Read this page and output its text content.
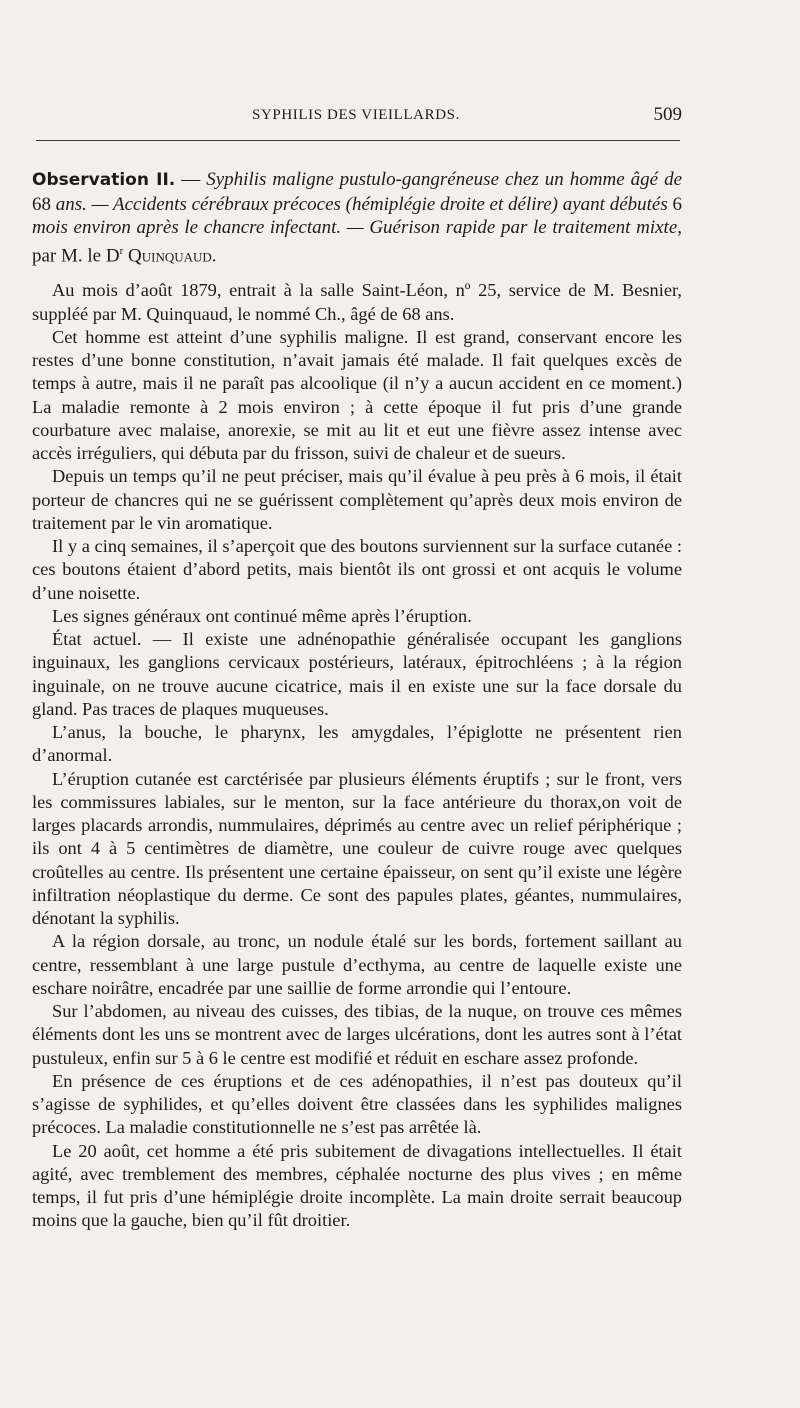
SYPHILIS DES VIEILLARDS.	509

Observation II. — Syphilis maligne pustulo-gangréneuse chez un homme âgé de 68 ans. — Accidents cérébraux précoces (hémiplégie droite et délire) ayant débutés 6 mois environ après le chancre infectant. — Guérison rapide par le traitement mixte, par M. le $D^r$ Quinquaud.

Au mois d’août 1879, entrait à la salle Saint-Léon, nº 25, service de M. Besnier, suppléé par M. Quinquaud, le nommé Ch., âgé de 68 ans.

Cet homme est atteint d’une syphilis maligne. Il est grand, conservant encore les restes d’une bonne constitution, n’avait jamais été malade. Il fait quelques excès de temps à autre, mais il ne paraît pas alcoolique (il n’y a aucun accident en ce moment.) La maladie remonte à 2 mois environ ; à cette époque il fut pris d’une grande courbature avec malaise, anorexie, se mit au lit et eut une fièvre assez intense avec accès irréguliers, qui débuta par du frisson, suivi de chaleur et de sueurs.

Depuis un temps qu’il ne peut préciser, mais qu’il évalue à peu près à 6 mois, il était porteur de chancres qui ne se guérissent complètement qu’après deux mois environ de traitement par le vin aromatique.

Il y a cinq semaines, il s’aperçoit que des boutons surviennent sur la surface cutanée : ces boutons étaient d’abord petits, mais bientôt ils ont grossi et ont acquis le volume d’une noisette.

Les signes généraux ont continué même après l’éruption.

État actuel. — Il existe une adnénopathie généralisée occupant les ganglions inguinaux, les ganglions cervicaux postérieurs, latéraux, épitrochléens ; à la région inguinale, on ne trouve aucune cicatrice, mais il en existe une sur la face dorsale du gland. Pas traces de plaques muqueuses.

L’anus, la bouche, le pharynx, les amygdales, l’épiglotte ne présentent rien d’anormal.

L’éruption cutanée est carctérisée par plusieurs éléments éruptifs ; sur le front, vers les commissures labiales, sur le menton, sur la face antérieure du thorax,on voit de larges placards arrondis, nummulaires, déprimés au centre avec un relief périphérique ; ils ont 4 à 5 centimètres de diamètre, une couleur de cuivre rouge avec quelques croûtelles au centre. Ils présentent une certaine épaisseur, on sent qu’il existe une légère infiltration néoplastique du derme. Ce sont des papules plates, géantes, nummulaires, dénotant la syphilis.

A la région dorsale, au tronc, un nodule étalé sur les bords, fortement saillant au centre, ressemblant à une large pustule d’ecthyma, au centre de laquelle existe une eschare noirâtre, encadrée par une saillie de forme arrondie qui l’entoure.

Sur l’abdomen, au niveau des cuisses, des tibias, de la nuque, on trouve ces mêmes éléments dont les uns se montrent avec de larges ulcérations, dont les autres sont à l’état pustuleux, enfin sur 5 à 6 le centre est modifié et réduit en eschare assez profonde.

En présence de ces éruptions et de ces adénopathies, il n’est pas douteux qu’il s’agisse de syphilides, et qu’elles doivent être classées dans les syphilides malignes précoces. La maladie constitutionnelle ne s’est pas arrêtée là.

Le 20 août, cet homme a été pris subitement de divagations intellectuelles. Il était agité, avec tremblement des membres, céphalée nocturne des plus vives ; en même temps, il fut pris d’une hémiplégie droite incomplète. La main droite serrait beaucoup moins que la gauche, bien qu’il fût droitier.
